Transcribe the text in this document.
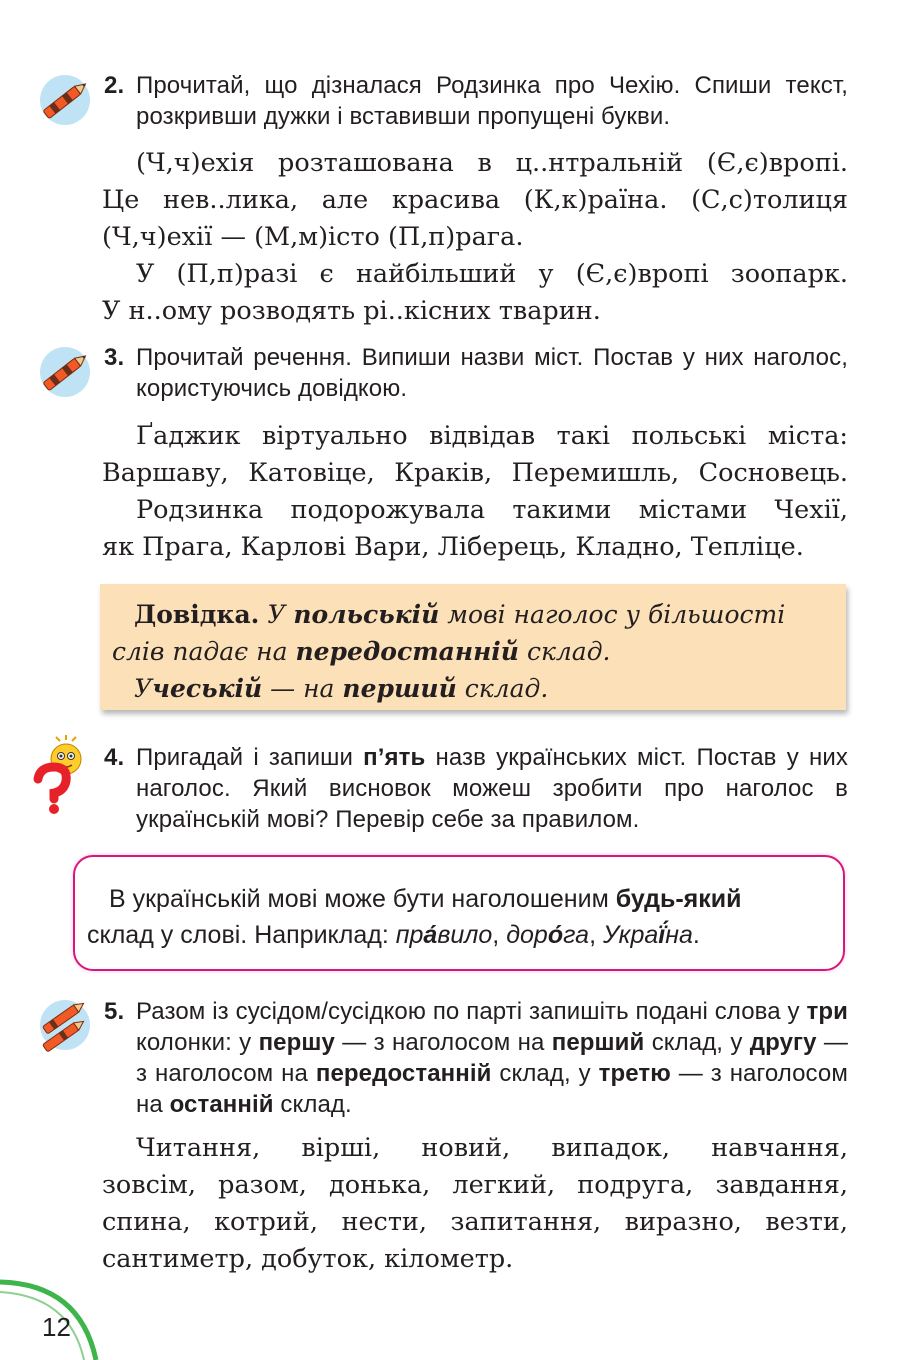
2. Прочитай, що дізналася Родзинка про Чехію. Спиши текст, розкривши дужки і вставивши пропущені букви.

(Ч,ч)ехія розташована в ц..нтральній (Є,є)вропі.

Це нев..лика, але красива (К,к)раїна. (С,с)толиця

(Ч,ч)ехії — (М,м)істо (П,п)рага.

У (П,п)разі є найбільший у (Є,є)вропі зоопарк.

У н..ому розводять рі..кісних тварин.

3. Прочитай речення. Випиши назви міст. Постав у них наголос, користуючись довідкою.

Ґаджик віртуально відвідав такі польські міста:

Варшаву, Катовіце, Краків, Перемишль, Сосновець.

Родзинка подорожувала такими містами Чехії,

як Прага, Карлові Вари, Ліберець, Кладно, Тепліце.

Довідка. У польській мові наголос у більшості

слів падає на передостанній склад.

Учеській — на перший склад.

4. Пригадай і запиши п’ять назв українських міст. Постав у них наголос. Який висновок можеш зробити про наголос в українській мові? Перевір себе за правилом.

В українській мові може бути наголошеним будь-який

склад у слові. Наприклад: пра́вило, доро́га, Украї́на.

5. Разом із сусідом/сусідкою по парті запишіть подані слова у три колонки: у першу — з наголосом на перший склад, у другу — з наголосом на передостанній склад, у третю — з наголосом на останній склад.

Читання, вірші, новий, випадок, навчання,

зовсім, разом, донька, легкий, подруга, завдання,

спина, котрий, нести, запитання, виразно, везти,

сантиметр, добуток, кілометр.

12
